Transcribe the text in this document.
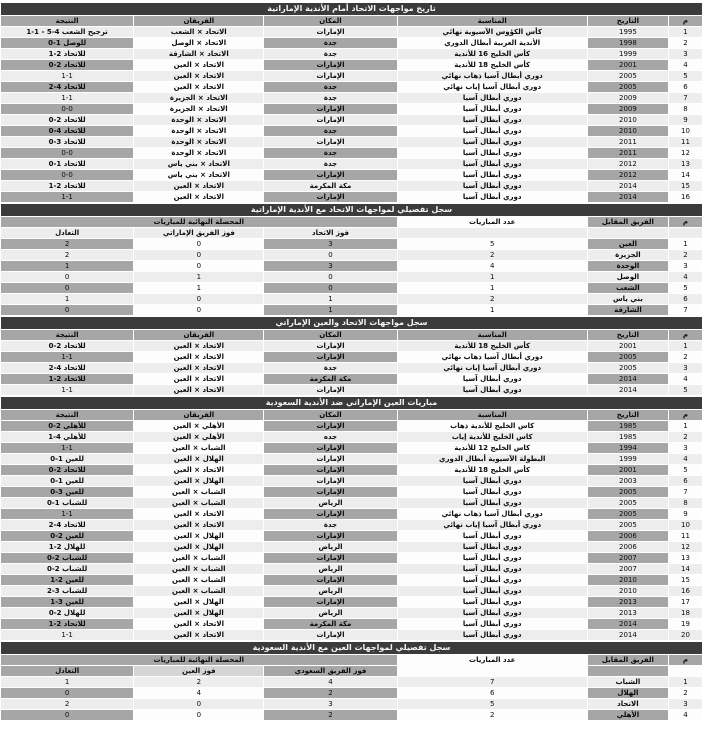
تاريخ مواجهات الاتحاد أمام الأندية الإماراتية
م	التاريخ	المناسبة	المكان	الفريقان	النتيجة
1	1995	كأس الكؤوس الآسيوية نهائي	الإمارات	الاتحاد × الشعب	ترجيح الشعب 4-5 - 1-1
2	1998	الأندية العربية أبطال الدوري	جدة	الاتحاد × الوصل	للوصل 1-0
3	1999	كأس الخليج 16 للأندية	جدة	الاتحاد × الشارقة	للاتحاد 2-1
4	2001	كأس الخليج 18 للأندية	الإمارات	الاتحاد × العين	للاتحاد 2-0
5	2005	دوري أبطال آسيا ذهاب نهائي	الإمارات	الاتحاد × العين	1-1
6	2005	دوري أبطال آسيا إياب نهائي	جدة	الاتحاد × العين	للاتحاد 4-2
7	2009	دوري أبطال آسيا	جدة	الاتحاد × الجزيرة	1-1
8	2009	دوري أبطال آسيا	الإمارات	الاتحاد × الجزيرة	0-0
9	2010	دوري أبطال آسيا	الإمارات	الاتحاد × الوحدة	للاتحاد 2-0
10	2010	دوري أبطال آسيا	جدة	الاتحاد × الوحدة	للاتحاد 4-0
11	2011	دوري أبطال آسيا	الإمارات	الاتحاد × الوحدة	للاتحاد 3-0
12	2011	دوري أبطال آسيا	جدة	الاتحاد × الوحدة	0-0
13	2012	دوري أبطال آسيا	جدة	الاتحاد × بني ياس	للاتحاد 1-0
14	2012	دوري أبطال آسيا	الإمارات	الاتحاد × بني ياس	0-0
15	2014	دوري أبطال آسيا	مكة المكرمة	الاتحاد × العين	للاتحاد 2-1
16	2014	دوري أبطال آسيا	الإمارات	الاتحاد × العين	1-1
سجل تفصيلي لمواجهات الاتحاد مع الأندية الإماراتية
م	الفريق المقابل	عدد المباريات	المحصلة النهائية للمباريات		
			فوز الاتحاد	فوز الفريق الإماراتي	التعادل
1	العين	5	3	0	2
2	الجزيرة	2	0	0	2
3	الوحدة	4	3	0	1
4	الوصل	1	0	1	0
5	الشعب	1	0	1	0
6	بني ياس	2	1	0	1
7	الشارقة	1	1	0	0
سجل مواجهات الاتحاد والعين الإماراتي
م	التاريخ	المناسبة	المكان	الفريقان	النتيجة
1	2001	كأس الخليج 18 للأندية	الإمارات	الاتحاد × العين	للاتحاد 2-0
2	2005	دوري أبطال آسيا ذهاب نهائي	الإمارات	الاتحاد × العين	1-1
3	2005	دوري أبطال آسيا إياب نهائي	جدة	الاتحاد × العين	للاتحاد 4-2
4	2014	دوري أبطال آسيا	مكة المكرمة	الاتحاد × العين	للاتحاد 2-1
5	2014	دوري أبطال آسيا	الإمارات	الاتحاد × العين	1-1
مباريات العين الإماراتي ضد الأندية السعودية
م	التاريخ	المناسبة	المكان	الفريقان	النتيجة
1	1985	كاس الخليج للأندية ذهاب	الإمارات	الأهلي × العين	للأهلي 2-0
2	1985	كاس الخليج للأندية إياب	جده	الأهلي × العين	للأهلي 4-1
3	1994	كاس الخليج 12 للأندية	الإمارات	الشباب × العين	1-1
4	1999	البطولة الآسيوية أبطال الدوري	الإمارات	الهلال × العين	للعين 1-0
5	2001	كأس الخليج 18 للأندية	الإمارات	الاتحاد × العين	للاتحاد 2-0
6	2003	دوري أبطال آسيا	الإمارات	الهلال × العين	للعين 1-0
7	2005	دوري أبطال آسيا	الإمارات	الشباب × العين	للعين 3-0
8	2005	دوري أبطال آسيا	الرياض	الشباب × العين	للشباب 1-0
9	2005	دوري أبطال آسيا ذهاب نهائي	الإمارات	الاتحاد × العين	1-1
10	2005	دوري أبطال آسيا إياب نهائي	جدة	الاتحاد × العين	للاتحاد 4-2
11	2006	دوري أبطال آسيا	الإمارات	الهلال × العين	للعين 2-0
12	2006	دوري أبطال آسيا	الرياض	الهلال × العين	للهلال 2-1
13	2007	دوري أبطال آسيا	الإمارات	الشباب × العين	للشباب 2-0
14	2007	دوري أبطال آسيا	الرياض	الشباب × العين	للشباب 2-0
15	2010	دوري أبطال آسيا	الإمارات	الشباب × العين	للعين 2-1
16	2010	دوري أبطال آسيا	الرياض	الشباب × العين	للشباب 3-2
17	2013	دوري أبطال آسيا	الإمارات	الهلال × العين	للعين 3-1
18	2013	دوري أبطال آسيا	الرياض	الهلال × العين	للهلال 2-0
19	2014	دوري أبطال آسيا	مكة المكرمة	الاتحاد × العين	للاتحاد 2-1
20	2014	دوري أبطال آسيا	الإمارات	الاتحاد × العين	1-1
سجل تفصيلي لمواجهات العين مع الأندية السعودية
م	الفريق المقابل	عدد المباريات	المحصلة النهائية للمباريات		
			فوز الفريق السعودي	فوز العين	التعادل
1	الشباب	7	4	2	1
2	الهلال	6	2	4	0
3	الاتحاد	5	3	0	2
4	الأهلي	2	2	0	0
